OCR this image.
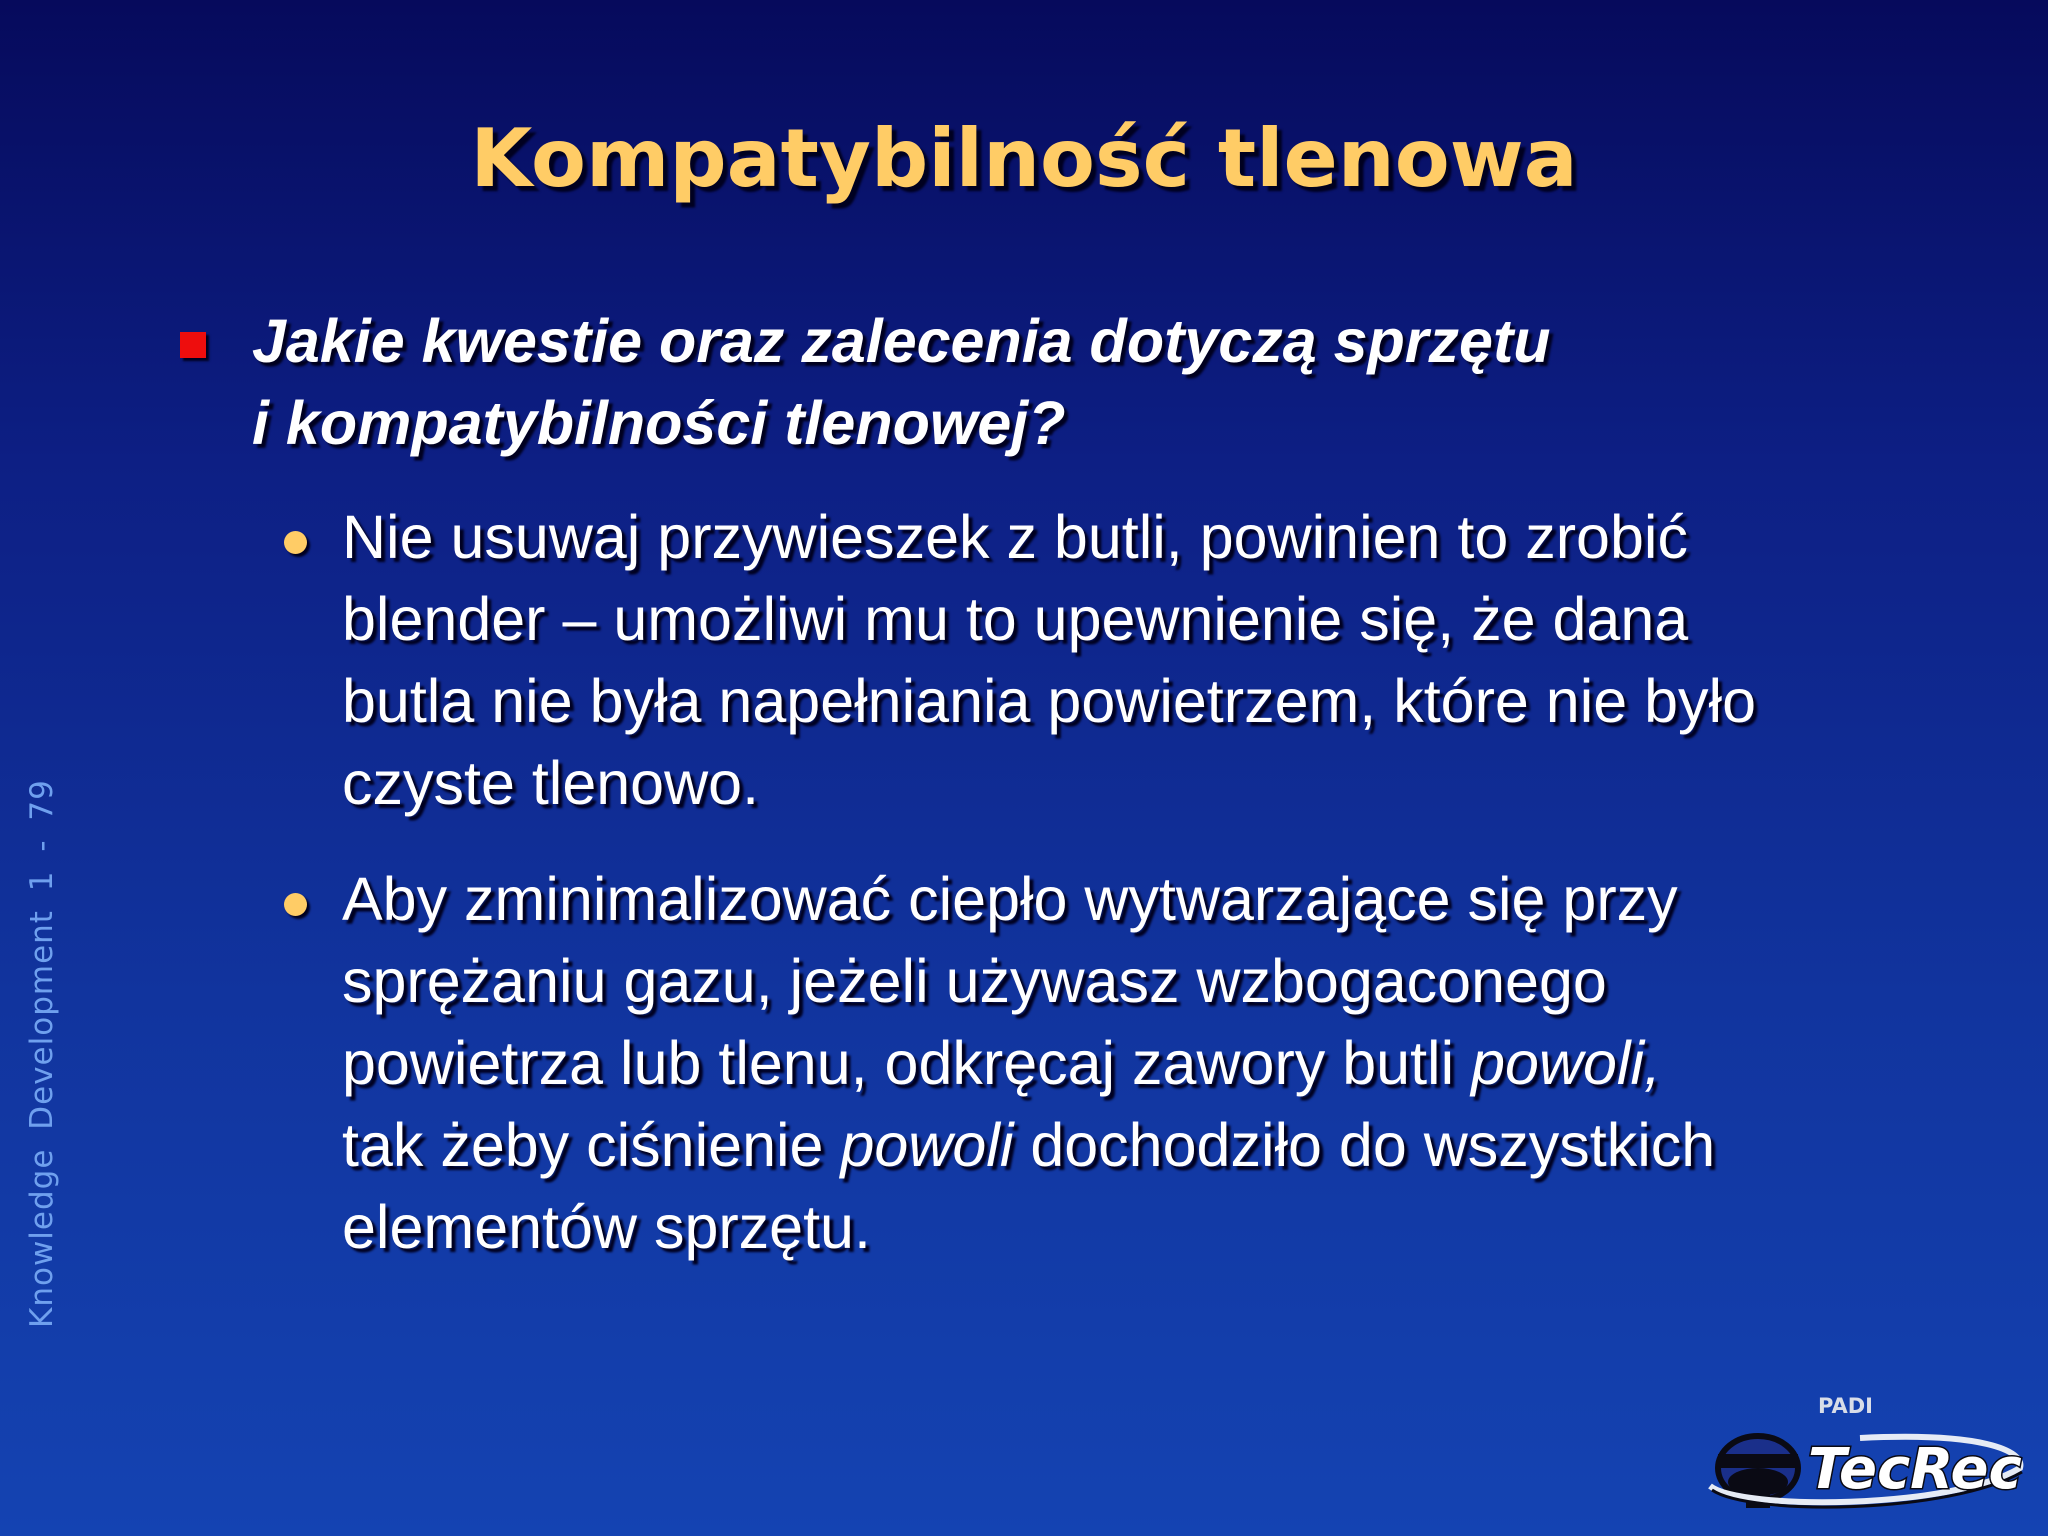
Kompatybilność tlenowa
Knowledge Development 1 - 79
Jakie kwestie oraz zalecenia dotyczą sprzętu
i kompatybilności tlenowej?
Nie usuwaj przywieszek z butli, powinien to zrobić
blender – umożliwi mu to upewnienie się, że dana
butla nie była napełniania powietrzem, które nie było
czyste tlenowo.
Aby zminimalizować ciepło wytwarzające się przy
sprężaniu gazu, jeżeli używasz wzbogaconego
powietrza lub tlenu, odkręcaj zawory butli powoli,
tak żeby ciśnienie powoli dochodziło do wszystkich
elementów sprzętu.
PADI
TecRec
